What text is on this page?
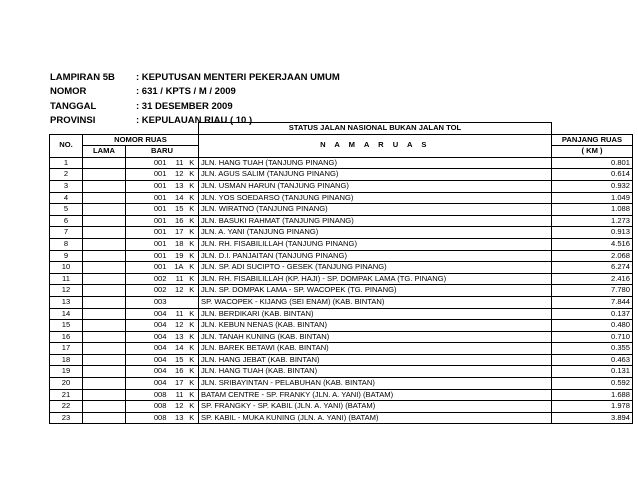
LAMPIRAN 5B : KEPUTUSAN MENTERI PEKERJAAN UMUM
NOMOR	: 631 / KPTS / M / 2009
TANGGAL	: 31 DESEMBER 2009
PROVINSI	: KEPULAUAN RIAU ( 10 )
					STATUS JALAN NASIONAL BUKAN JALAN TOL	
NO.	NOMOR RUAS				N A M A R U A S	PANJANG RUAS
	LAMA	BARU				( KM )
1		001	11	K	JLN. HANG TUAH (TANJUNG PINANG)	0.801
2		001	12	K	JLN. AGUS SALIM (TANJUNG PINANG)	0.614
3		001	13	K	JLN. USMAN HARUN (TANJUNG PINANG)	0.932
4		001	14	K	JLN. YOS SOEDARSO (TANJUNG PINANG)	1.049
5		001	15	K	JLN. WIRATNO (TANJUNG PINANG)	1.088
6		001	16	K	JLN. BASUKI RAHMAT (TANJUNG PINANG)	1.273
7		001	17	K	JLN. A. YANI (TANJUNG PINANG)	0.913
8		001	18	K	JLN. RH. FISABILILLAH (TANJUNG PINANG)	4.516
9		001	19	K	JLN. D.I. PANJAITAN (TANJUNG PINANG)	2.068
10		001	1A	K	JLN. SP. ADI SUCIPTO - GESEK (TANJUNG PINANG)	6.274
11		002	11	K	JLN. RH. FISABILILLAH (KP. HAJI) - SP. DOMPAK LAMA (TG. PINANG)	2.416
12		002	12	K	JLN. SP. DOMPAK LAMA - SP. WACOPEK (TG. PINANG)	7.780
13		003			SP. WACOPEK - KIJANG (SEI ENAM) (KAB. BINTAN)	7.844
14		004	11	K	JLN. BERDIKARI (KAB. BINTAN)	0.137
15		004	12	K	JLN. KEBUN NENAS (KAB. BINTAN)	0.480
16		004	13	K	JLN. TANAH KUNING (KAB. BINTAN)	0.710
17		004	14	K	JLN. BAREK BETAWI (KAB. BINTAN)	0.355
18		004	15	K	JLN. HANG JEBAT (KAB. BINTAN)	0.463
19		004	16	K	JLN. HANG TUAH (KAB. BINTAN)	0.131
20		004	17	K	JLN. SRIBAYINTAN - PELABUHAN (KAB. BINTAN)	0.592
21		008	11	K	BATAM CENTRE - SP. FRANKY (JLN. A. YANI) (BATAM)	1.688
22		008	12	K	SP. FRANGKY - SP. KABIL (JLN. A. YANI) (BATAM)	1.978
23		008	13	K	SP. KABIL - MUKA KUNING (JLN. A. YANI) (BATAM)	3.894
